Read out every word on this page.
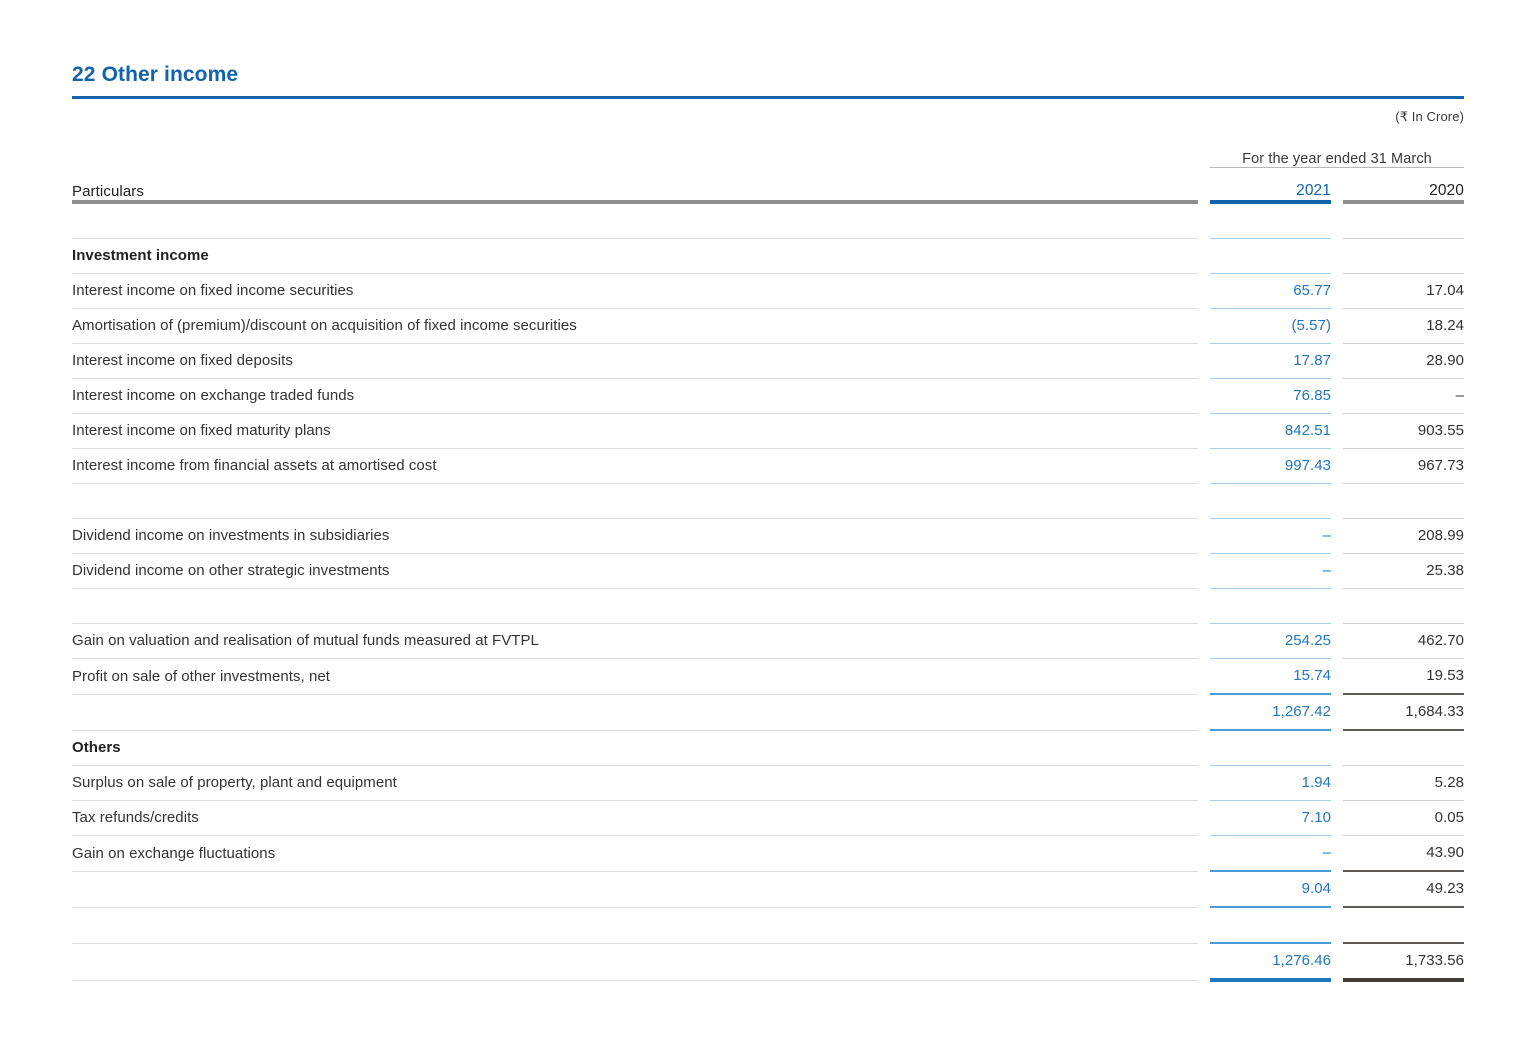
22 Other income
(₹ In Crore)
		For the year ended 31 March		
Particulars		2021		2020

Investment income				
Interest income on fixed income securities		65.77		17.04
Amortisation of (premium)/discount on acquisition of fixed income securities		(5.57)		18.24
Interest income on fixed deposits		17.87		28.90
Interest income on exchange traded funds		76.85		–
Interest income on fixed maturity plans		842.51		903.55
Interest income from financial assets at amortised cost		997.43		967.73

Dividend income on investments in subsidiaries		–		208.99
Dividend income on other strategic investments		–		25.38

Gain on valuation and realisation of mutual funds measured at FVTPL		254.25		462.70
Profit on sale of other investments, net		15.74		19.53
		1,267.42		1,684.33
Others				
Surplus on sale of property, plant and equipment		1.94		5.28
Tax refunds/credits		7.10		0.05
Gain on exchange fluctuations		–		43.90
		9.04		49.23

		1,276.46		1,733.56
